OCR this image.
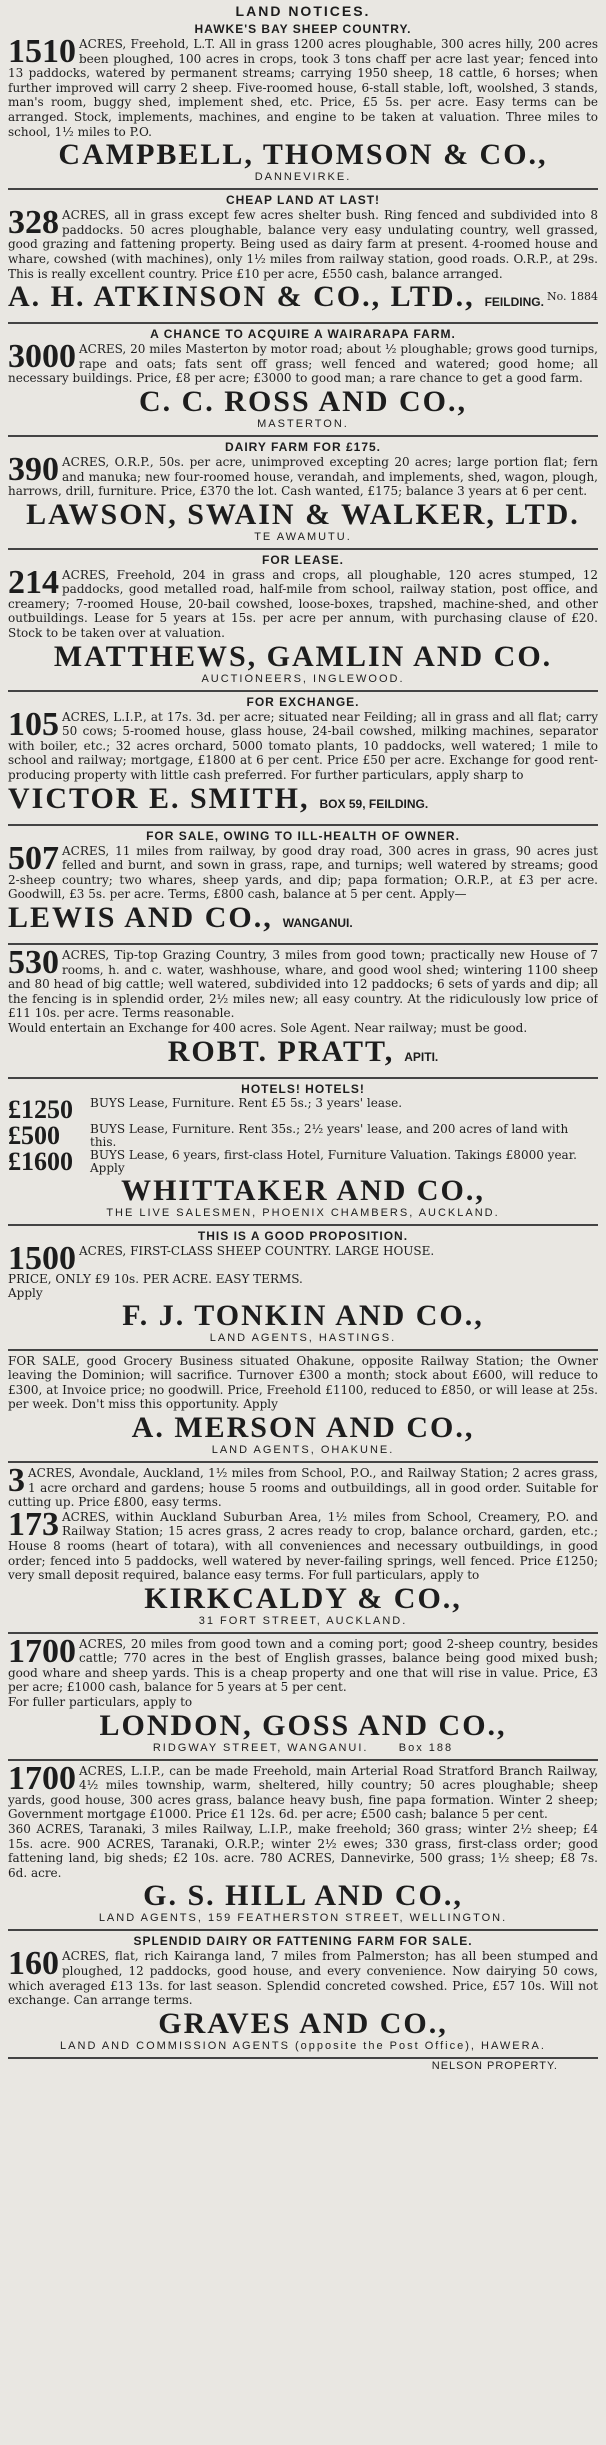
LAND NOTICES.
HAWKE'S BAY SHEEP COUNTRY.
1510 ACRES, Freehold, L.T. All in grass 1200 acres ploughable, 300 acres hilly, 200 acres been ploughed, 100 acres in crops, took 3 tons chaff per acre last year; fenced into 13 paddocks, watered by permanent streams; carrying 1950 sheep, 18 cattle, 6 horses; when further improved will carry 2 sheep. Five-roomed house, 6-stall stable, loft, woolshed, 3 stands, man's room, buggy shed, implement shed, etc. Price, £5 5s. per acre. Easy terms can be arranged. Stock, implements, machines, and engine to be taken at valuation. Three miles to school, 1½ miles to P.O.
CAMPBELL, THOMSON & CO.,
DANNEVIRKE.
CHEAP LAND AT LAST!
328 ACRES, all in grass except few acres shelter bush. Ring fenced and subdivided into 8 paddocks. 50 acres ploughable, balance very easy undulating country, well grassed, good grazing and fattening property. Being used as dairy farm at present. 4-roomed house and whare, cowshed (with machines), only 1½ miles from railway station, good roads. O.R.P., at 29s. This is really excellent country. Price £10 per acre, £550 cash, balance arranged.
A. H. ATKINSON & CO., LTD., FEILDING. No. 1884
A CHANCE TO ACQUIRE A WAIRARAPA FARM.
3000 ACRES, 20 miles Masterton by motor road; about ½ ploughable; grows good turnips, rape and oats; fats sent off grass; well fenced and watered; good home; all necessary buildings. Price, £8 per acre; £3000 to good man; a rare chance to get a good farm.
C. C. ROSS AND CO.,
MASTERTON.
DAIRY FARM FOR £175.
390 ACRES, O.R.P., 50s. per acre, unimproved excepting 20 acres; large portion flat; fern and manuka; new four-roomed house, verandah, and implements, shed, wagon, plough, harrows, drill, furniture. Price, £370 the lot. Cash wanted, £175; balance 3 years at 6 per cent.
LAWSON, SWAIN & WALKER, LTD.
TE AWAMUTU.
FOR LEASE.
214 ACRES, Freehold, 204 in grass and crops, all ploughable, 120 acres stumped, 12 paddocks, good metalled road, half-mile from school, railway station, post office, and creamery; 7-roomed House, 20-bail cowshed, loose-boxes, trapshed, machine-shed, and other outbuildings. Lease for 5 years at 15s. per acre per annum, with purchasing clause of £20. Stock to be taken over at valuation.
MATTHEWS, GAMLIN AND CO.
AUCTIONEERS, INGLEWOOD.
FOR EXCHANGE.
105 ACRES, L.I.P., at 17s. 3d. per acre; situated near Feilding; all in grass and all flat; carry 50 cows; 5-roomed house, glass house, 24-bail cowshed, milking machines, separator with boiler, etc.; 32 acres orchard, 5000 tomato plants, 10 paddocks, well watered; 1 mile to school and railway; mortgage, £1800 at 6 per cent. Price £50 per acre. Exchange for good rent-producing property with little cash preferred. For further particulars, apply sharp to
VICTOR E. SMITH, BOX 59, FEILDING.
FOR SALE, OWING TO ILL-HEALTH OF OWNER.
507 ACRES, 11 miles from railway, by good dray road, 300 acres in grass, 90 acres just felled and burnt, and sown in grass, rape, and turnips; well watered by streams; good 2-sheep country; two whares, sheep yards, and dip; papa formation; O.R.P., at £3 per acre. Goodwill, £3 5s. per acre. Terms, £800 cash, balance at 5 per cent. Apply—
LEWIS AND CO., WANGANUI.
530 ACRES, Tip-top Grazing Country, 3 miles from good town; practically new House of 7 rooms, h. and c. water, washhouse, whare, and good wool shed; wintering 1100 sheep and 80 head of big cattle; well watered, subdivided into 12 paddocks; 6 sets of yards and dip; all the fencing is in splendid order, 2½ miles new; all easy country. At the ridiculously low price of £11 10s. per acre. Terms reasonable.
Would entertain an Exchange for 400 acres. Sole Agent. Near railway; must be good.
ROBT. PRATT, APITI.
HOTELS! HOTELS!
£1250	BUYS Lease, Furniture. Rent £5 5s.; 3 years' lease.
£500	BUYS Lease, Furniture. Rent 35s.; 2½ years' lease, and 200 acres of land with this.
£1600	BUYS Lease, 6 years, first-class Hotel, Furniture Valuation. Takings £8000 year. Apply
WHITTAKER AND CO.,
THE LIVE SALESMEN, PHOENIX CHAMBERS, AUCKLAND.
THIS IS A GOOD PROPOSITION.
1500 ACRES, FIRST-CLASS SHEEP COUNTRY. LARGE HOUSE.
PRICE, ONLY £9 10s. PER ACRE. EASY TERMS.
Apply
F. J. TONKIN AND CO.,
LAND AGENTS, HASTINGS.
FOR SALE, good Grocery Business situated Ohakune, opposite Railway Station; the Owner leaving the Dominion; will sacrifice. Turnover £300 a month; stock about £600, will reduce to £300, at Invoice price; no goodwill. Price, Freehold £1100, reduced to £850, or will lease at 25s. per week. Don't miss this opportunity. Apply
A. MERSON AND CO.,
LAND AGENTS, OHAKUNE.
3 ACRES, Avondale, Auckland, 1½ miles from School, P.O., and Railway Station; 2 acres grass, 1 acre orchard and gardens; house 5 rooms and outbuildings, all in good order. Suitable for cutting up. Price £800, easy terms.
173 ACRES, within Auckland Suburban Area, 1½ miles from School, Creamery, P.O. and Railway Station; 15 acres grass, 2 acres ready to crop, balance orchard, garden, etc.; House 8 rooms (heart of totara), with all conveniences and necessary outbuildings, in good order; fenced into 5 paddocks, well watered by never-failing springs, well fenced. Price £1250; very small deposit required, balance easy terms. For full particulars, apply to
KIRKCALDY & CO.,
31 FORT STREET, AUCKLAND.
1700 ACRES, 20 miles from good town and a coming port; good 2-sheep country, besides cattle; 770 acres in the best of English grasses, balance being good mixed bush; good whare and sheep yards. This is a cheap property and one that will rise in value. Price, £3 per acre; £1000 cash, balance for 5 years at 5 per cent.
For fuller particulars, apply to
LONDON, GOSS AND CO.,
RIDGWAY STREET, WANGANUI.	Box 188
1700 ACRES, L.I.P., can be made Freehold, main Arterial Road Stratford Branch Railway, 4½ miles township, warm, sheltered, hilly country; 50 acres ploughable; sheep yards, good house, 300 acres grass, balance heavy bush, fine papa formation. Winter 2 sheep; Government mortgage £1000. Price £1 12s. 6d. per acre; £500 cash; balance 5 per cent.
360 ACRES, Taranaki, 3 miles Railway, L.I.P., make freehold; 360 grass; winter 2½ sheep; £4 15s. acre. 900 ACRES, Taranaki, O.R.P.; winter 2½ ewes; 330 grass, first-class order; good fattening land, big sheds; £2 10s. acre. 780 ACRES, Dannevirke, 500 grass; 1½ sheep; £8 7s. 6d. acre.
G. S. HILL AND CO.,
LAND AGENTS, 159 FEATHERSTON STREET, WELLINGTON.
SPLENDID DAIRY OR FATTENING FARM FOR SALE.
160 ACRES, flat, rich Kairanga land, 7 miles from Palmerston; has all been stumped and ploughed, 12 paddocks, good house, and every convenience. Now dairying 50 cows, which averaged £13 13s. for last season. Splendid concreted cowshed. Price, £57 10s. Will not exchange. Can arrange terms.
GRAVES AND CO.,
LAND AND COMMISSION AGENTS (opposite the Post Office), HAWERA.
NELSON PROPERTY.
